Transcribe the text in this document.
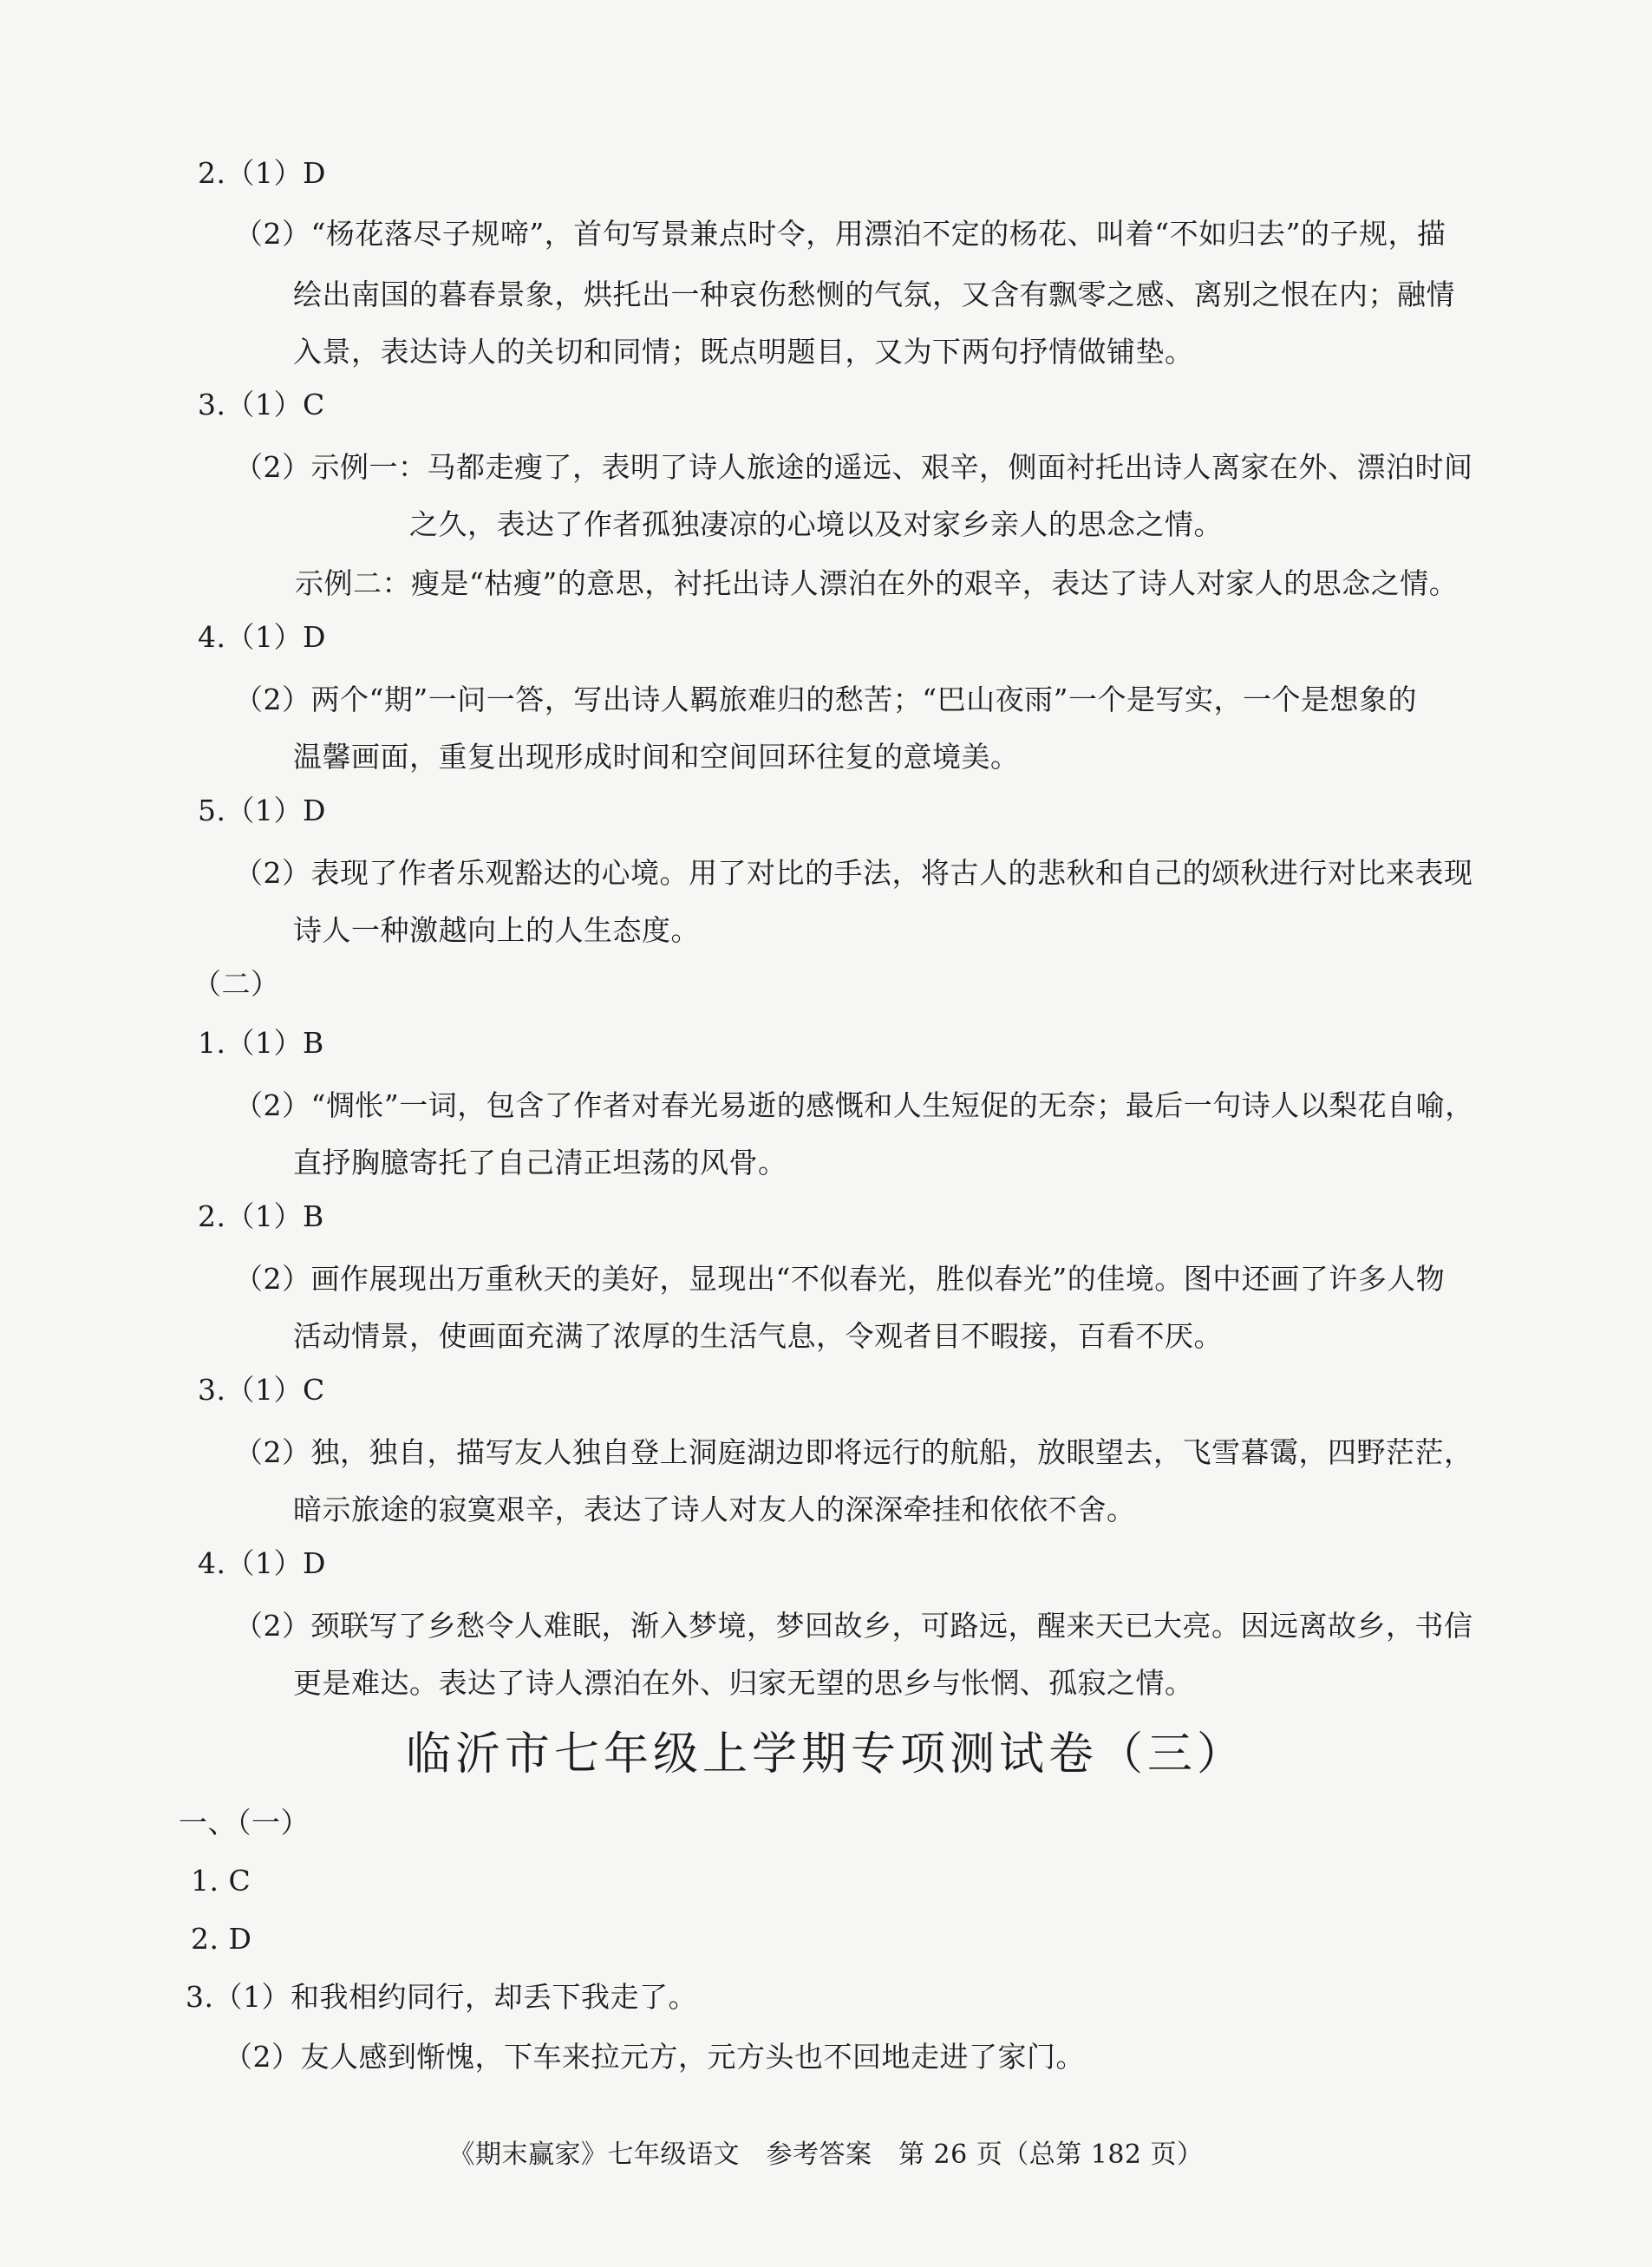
2.（1）D
（2）“杨花落尽子规啼”，首句写景兼点时令，用漂泊不定的杨花、叫着“不如归去”的子规，描
绘出南国的暮春景象，烘托出一种哀伤愁恻的气氛，又含有飘零之感、离别之恨在内；融情
入景，表达诗人的关切和同情；既点明题目，又为下两句抒情做铺垫。
3.（1）C
（2）示例一：马都走瘦了，表明了诗人旅途的遥远、艰辛，侧面衬托出诗人离家在外、漂泊时间
之久，表达了作者孤独凄凉的心境以及对家乡亲人的思念之情。
示例二：瘦是“枯瘦”的意思，衬托出诗人漂泊在外的艰辛，表达了诗人对家人的思念之情。
4.（1）D
（2）两个“期”一问一答，写出诗人羁旅难归的愁苦；“巴山夜雨”一个是写实，一个是想象的
温馨画面，重复出现形成时间和空间回环往复的意境美。
5.（1）D
（2）表现了作者乐观豁达的心境。用了对比的手法，将古人的悲秋和自己的颂秋进行对比来表现
诗人一种激越向上的人生态度。
（二）
1.（1）B
（2）“惆怅”一词，包含了作者对春光易逝的感慨和人生短促的无奈；最后一句诗人以梨花自喻，
直抒胸臆寄托了自己清正坦荡的风骨。
2.（1）B
（2）画作展现出万重秋天的美好，显现出“不似春光，胜似春光”的佳境。图中还画了许多人物
活动情景，使画面充满了浓厚的生活气息，令观者目不暇接，百看不厌。
3.（1）C
（2）独，独自，描写友人独自登上洞庭湖边即将远行的航船，放眼望去，飞雪暮霭，四野茫茫，
暗示旅途的寂寞艰辛，表达了诗人对友人的深深牵挂和依依不舍。
4.（1）D
（2）颈联写了乡愁令人难眠，渐入梦境，梦回故乡，可路远，醒来天已大亮。因远离故乡，书信
更是难达。表达了诗人漂泊在外、归家无望的思乡与怅惘、孤寂之情。
临沂市七年级上学期专项测试卷（三）
一、（一）
1. C
2. D
3.（1）和我相约同行，却丢下我走了。
（2）友人感到惭愧，下车来拉元方，元方头也不回地走进了家门。
《期末赢家》七年级语文　参考答案　第 26 页（总第 182 页）
